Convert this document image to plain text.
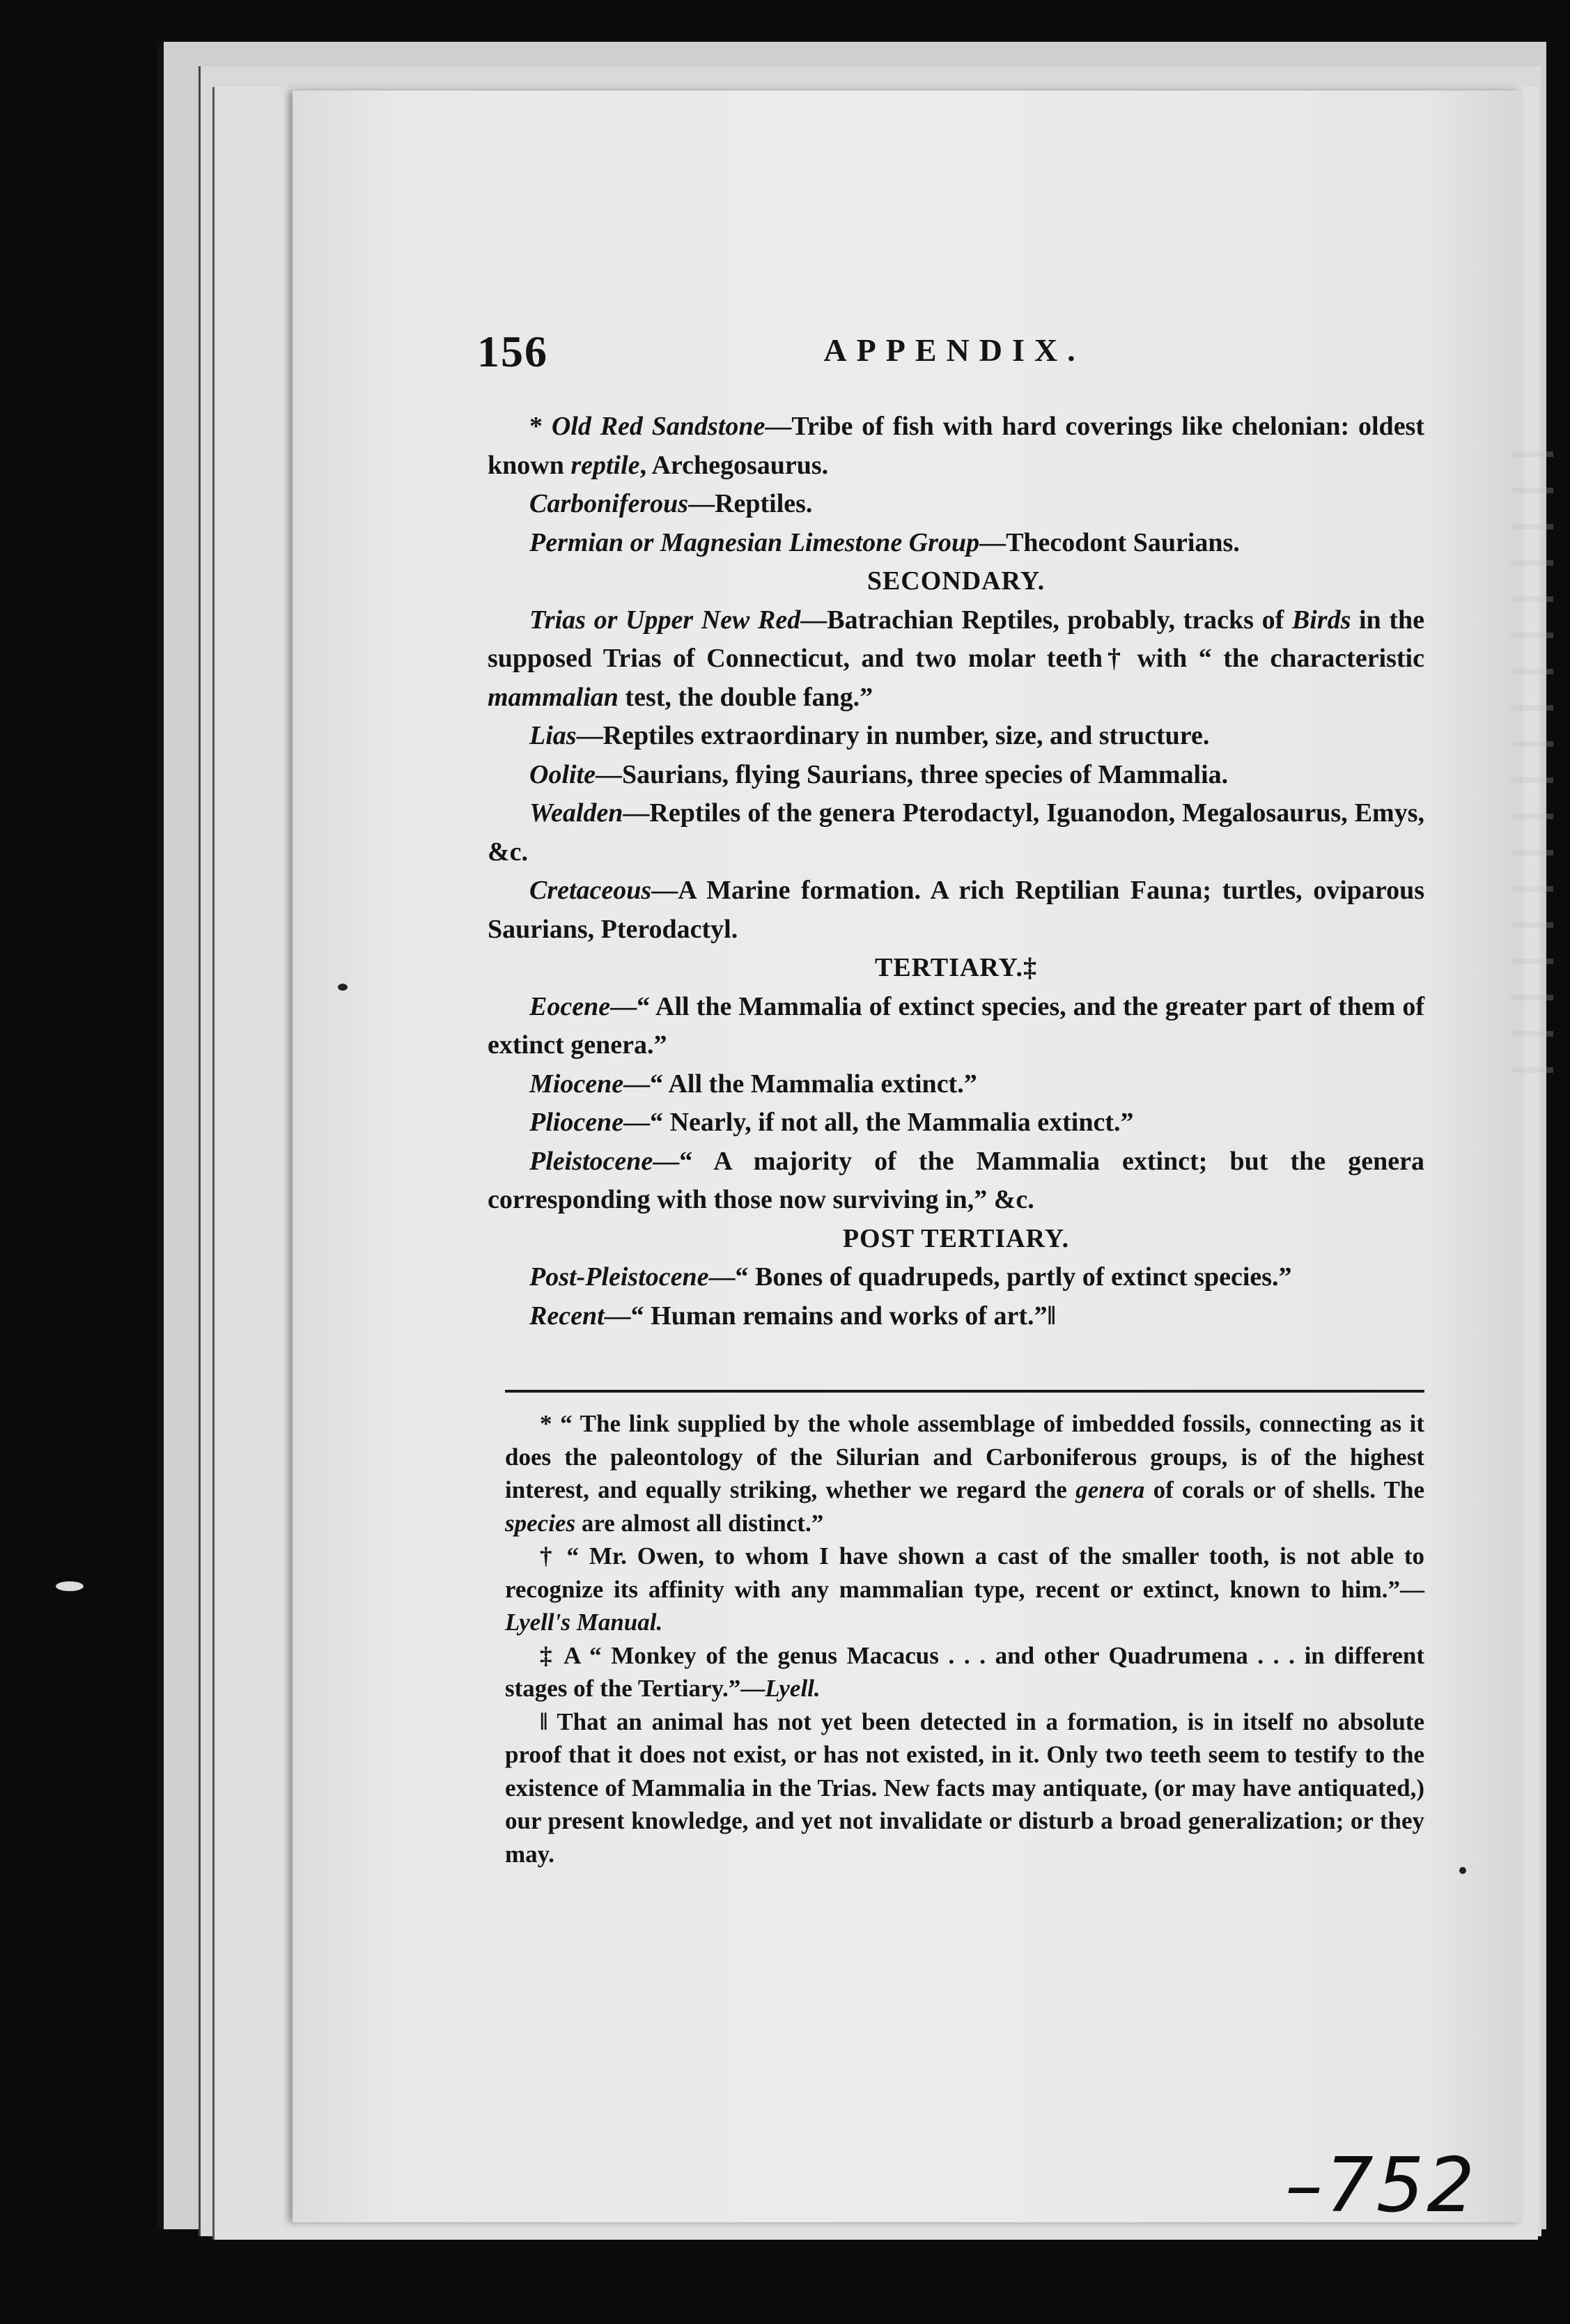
156	APPENDIX.

* Old Red Sandstone—Tribe of fish with hard coverings like chelonian: oldest known reptile, Archegosaurus.

Carboniferous—Reptiles.

Permian or Magnesian Limestone Group—Thecodont Saurians.

SECONDARY.

Trias or Upper New Red—Batrachian Reptiles, probably, tracks of Birds in the supposed Trias of Connecticut, and two molar teeth† with “ the characteristic mammalian test, the double fang.”

Lias—Reptiles extraordinary in number, size, and structure.

Oolite—Saurians, flying Saurians, three species of Mammalia.

Wealden—Reptiles of the genera Pterodactyl, Iguanodon, Megalosaurus, Emys, &c.

Cretaceous—A Marine formation. A rich Reptilian Fauna; turtles, oviparous Saurians, Pterodactyl.

TERTIARY.‡

Eocene—“ All the Mammalia of extinct species, and the greater part of them of extinct genera.”

Miocene—“ All the Mammalia extinct.”

Pliocene—“ Nearly, if not all, the Mammalia extinct.”

Pleistocene—“ A majority of the Mammalia extinct; but the genera corresponding with those now surviving in,” &c.

POST TERTIARY.

Post-Pleistocene—“ Bones of quadrupeds, partly of extinct species.”

Recent—“ Human remains and works of art.”‖

* “ The link supplied by the whole assemblage of imbedded fossils, connecting as it does the paleontology of the Silurian and Carboniferous groups, is of the highest interest, and equally striking, whether we regard the genera of corals or of shells. The species are almost all distinct.”

† “ Mr. Owen, to whom I have shown a cast of the smaller tooth, is not able to recognize its affinity with any mammalian type, recent or extinct, known to him.”—Lyell's Manual.

‡ A “ Monkey of the genus Macacus . . . and other Quadrumena . . . in different stages of the Tertiary.”—Lyell.

‖ That an animal has not yet been detected in a formation, is in itself no absolute proof that it does not exist, or has not existed, in it. Only two teeth seem to testify to the existence of Mammalia in the Trias. New facts may antiquate, (or may have antiquated,) our present knowledge, and yet not invalidate or disturb a broad generalization; or they may.

–752
